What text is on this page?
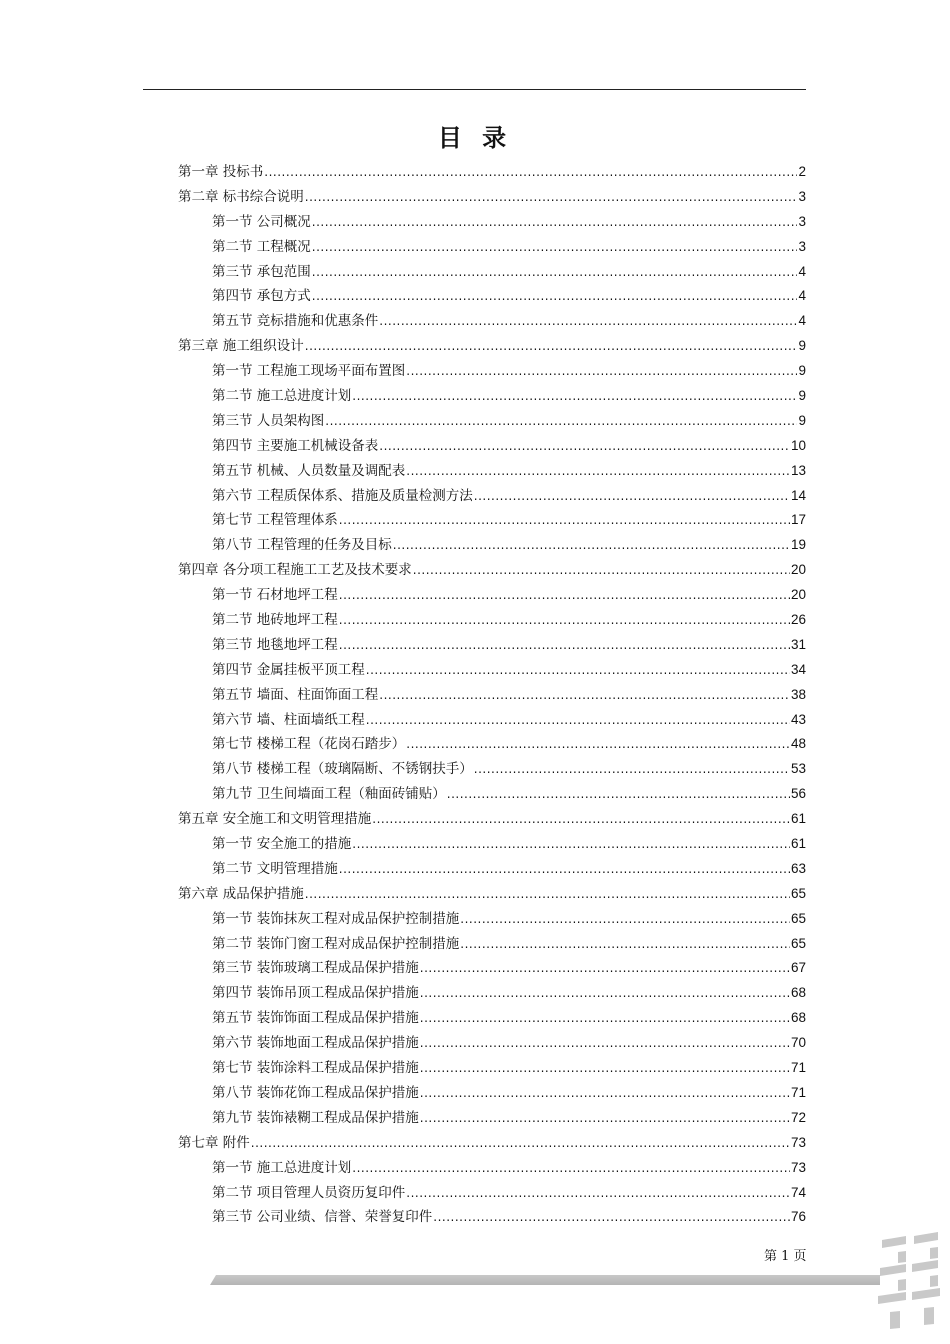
目 录
第一章 投标书 .....	2
第二章 标书综合说明 .....	3
第一节 公司概况 .....	3
第二节 工程概况 .....	3
第三节 承包范围 .....	4
第四节 承包方式 .....	4
第五节 竞标措施和优惠条件 .....	4
第三章 施工组织设计 .....	9
第一节 工程施工现场平面布置图 .....	9
第二节 施工总进度计划 .....	9
第三节 人员架构图 .....	9
第四节 主要施工机械设备表 .....	10
第五节 机械、人员数量及调配表 .....	13
第六节 工程质保体系、措施及质量检测方法 .....	14
第七节 工程管理体系 .....	17
第八节 工程管理的任务及目标 .....	19
第四章 各分项工程施工工艺及技术要求 .....	20
第一节 石材地坪工程 .....	20
第二节 地砖地坪工程 .....	26
第三节 地毯地坪工程 .....	31
第四节 金属挂板平顶工程 .....	34
第五节 墙面、柱面饰面工程 .....	38
第六节 墙、柱面墙纸工程 .....	43
第七节 楼梯工程（花岗石踏步） .....	48
第八节 楼梯工程（玻璃隔断、不锈钢扶手） .....	53
第九节 卫生间墙面工程（釉面砖铺贴） .....	56
第五章 安全施工和文明管理措施 .....	61
第一节 安全施工的措施 .....	61
第二节 文明管理措施 .....	63
第六章 成品保护措施 .....	65
第一节 装饰抹灰工程对成品保护控制措施 .....	65
第二节 装饰门窗工程对成品保护控制措施 .....	65
第三节 装饰玻璃工程成品保护措施 .....	67
第四节 装饰吊顶工程成品保护措施 .....	68
第五节 装饰饰面工程成品保护措施 .....	68
第六节 装饰地面工程成品保护措施 .....	70
第七节 装饰涂料工程成品保护措施 .....	71
第八节 装饰花饰工程成品保护措施 .....	71
第九节 装饰裱糊工程成品保护措施 .....	72
第七章 附件 .....	73
第一节 施工总进度计划 .....	73
第二节 项目管理人员资历复印件 .....	74
第三节 公司业绩、信誉、荣誉复印件 .....	76
第 1 页
